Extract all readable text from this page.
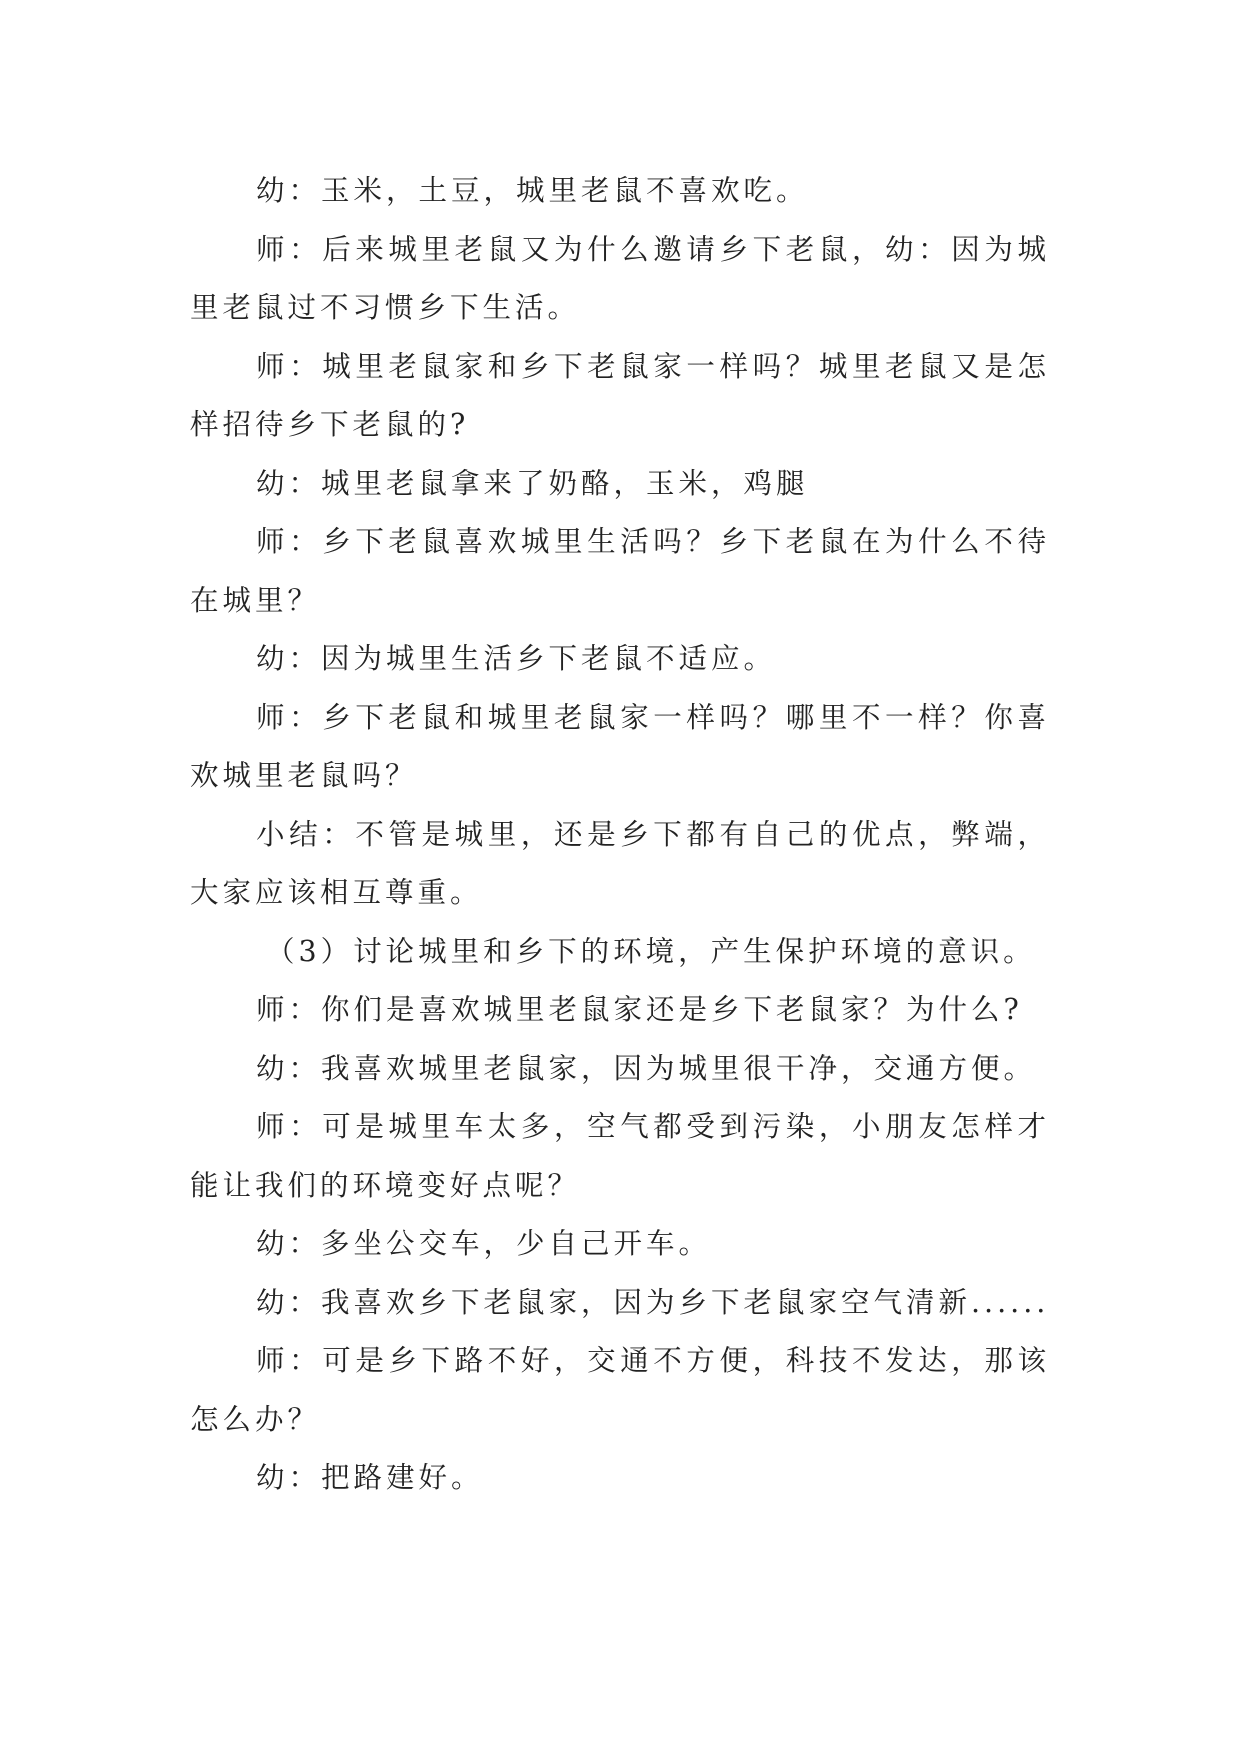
幼：玉米，土豆，城里老鼠不喜欢吃。

师：后来城里老鼠又为什么邀请乡下老鼠，幼：因为城里老鼠过不习惯乡下生活。

师：城里老鼠家和乡下老鼠家一样吗？城里老鼠又是怎样招待乡下老鼠的?

幼：城里老鼠拿来了奶酪，玉米，鸡腿

师：乡下老鼠喜欢城里生活吗？乡下老鼠在为什么不待在城里？

幼：因为城里生活乡下老鼠不适应。

师：乡下老鼠和城里老鼠家一样吗？哪里不一样？你喜欢城里老鼠吗？

小结：不管是城里，还是乡下都有自己的优点，弊端，大家应该相互尊重。

（3）讨论城里和乡下的环境，产生保护环境的意识。

师：你们是喜欢城里老鼠家还是乡下老鼠家？为什么?

幼：我喜欢城里老鼠家，因为城里很干净，交通方便。

师：可是城里车太多，空气都受到污染，小朋友怎样才能让我们的环境变好点呢？

幼：多坐公交车，少自己开车。

幼：我喜欢乡下老鼠家，因为乡下老鼠家空气清新......

师：可是乡下路不好，交通不方便，科技不发达，那该怎么办？

幼：把路建好。
